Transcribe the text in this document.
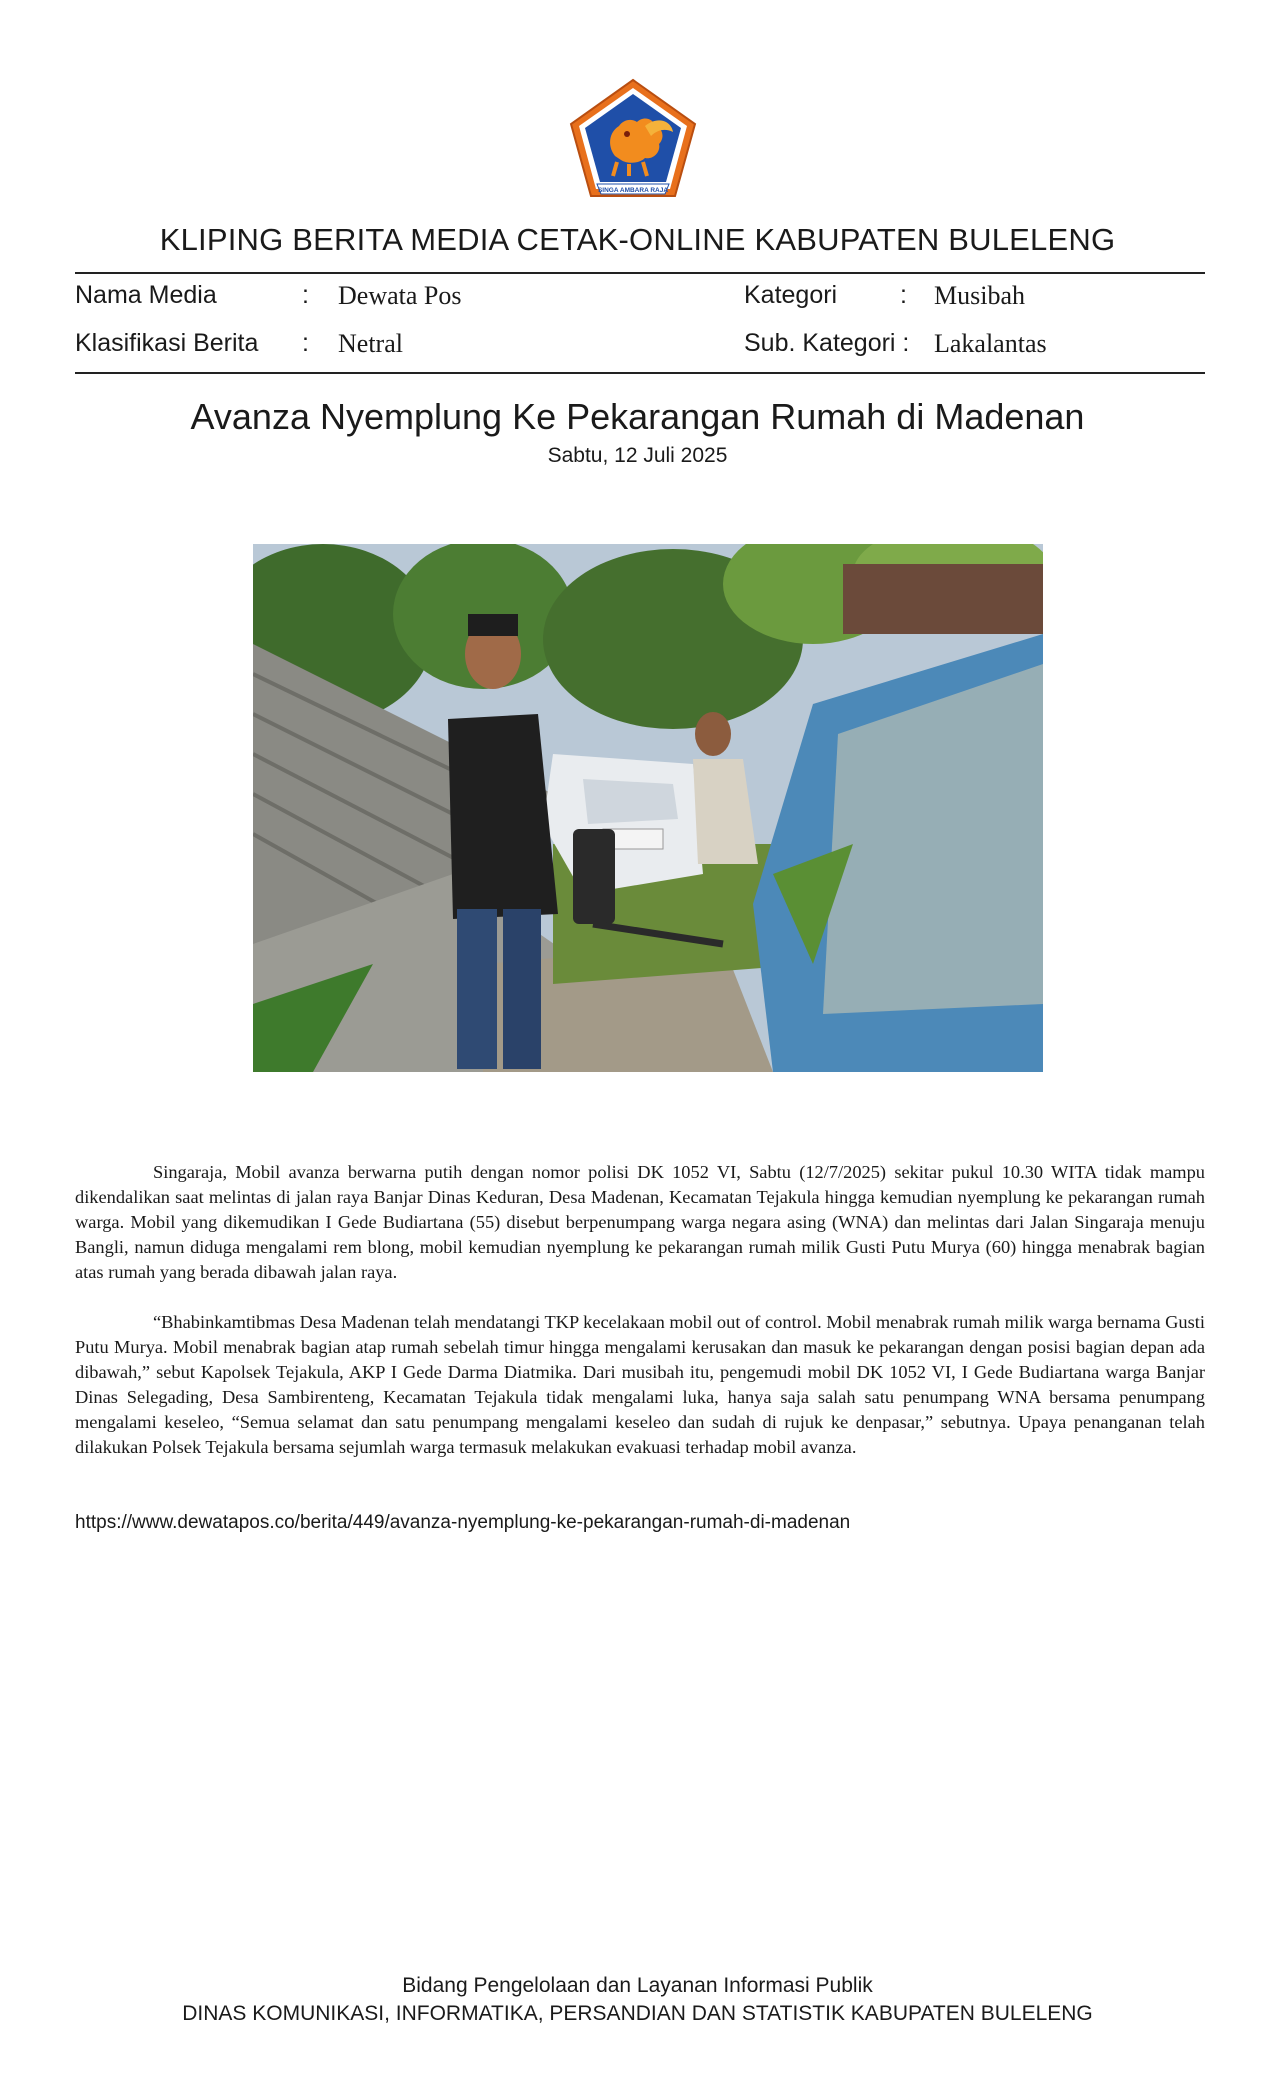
SINGA AMBARA RAJA
KLIPING BERITA MEDIA CETAK-ONLINE KABUPATEN BULELENG
Nama Media	: Dewata Pos	Kategori	: Musibah
Klasifikasi Berita : Netral	Sub. Kategori : Lakalantas
Avanza Nyemplung Ke Pekarangan Rumah di Madenan
Sabtu, 12 Juli 2025

Singaraja, Mobil avanza berwarna putih dengan nomor polisi DK 1052 VI, Sabtu (12/7/2025) sekitar pukul 10.30 WITA tidak mampu dikendalikan saat melintas di jalan raya Banjar Dinas Keduran, Desa Madenan, Kecamatan Tejakula hingga kemudian nyemplung ke pekarangan rumah warga. Mobil yang dikemudikan I Gede Budiartana (55) disebut berpenumpang warga negara asing (WNA) dan melintas dari Jalan Singaraja menuju Bangli, namun diduga mengalami rem blong, mobil kemudian nyemplung ke pekarangan rumah milik Gusti Putu Murya (60) hingga menabrak bagian atas rumah yang berada dibawah jalan raya.

“Bhabinkamtibmas Desa Madenan telah mendatangi TKP kecelakaan mobil out of control. Mobil menabrak rumah milik warga bernama Gusti Putu Murya. Mobil menabrak bagian atap rumah sebelah timur hingga mengalami kerusakan dan masuk ke pekarangan dengan posisi bagian depan ada dibawah,” sebut Kapolsek Tejakula, AKP I Gede Darma Diatmika. Dari musibah itu, pengemudi mobil DK 1052 VI, I Gede Budiartana warga Banjar Dinas Selegading, Desa Sambirenteng, Kecamatan Tejakula tidak mengalami luka, hanya saja salah satu penumpang WNA bersama penumpang mengalami keseleo, “Semua selamat dan satu penumpang mengalami keseleo dan sudah di rujuk ke denpasar,” sebutnya. Upaya penanganan telah dilakukan Polsek Tejakula bersama sejumlah warga termasuk melakukan evakuasi terhadap mobil avanza.

https://www.dewatapos.co/berita/449/avanza-nyemplung-ke-pekarangan-rumah-di-madenan
Bidang Pengelolaan dan Layanan Informasi Publik
DINAS KOMUNIKASI, INFORMATIKA, PERSANDIAN DAN STATISTIK KABUPATEN BULELENG
